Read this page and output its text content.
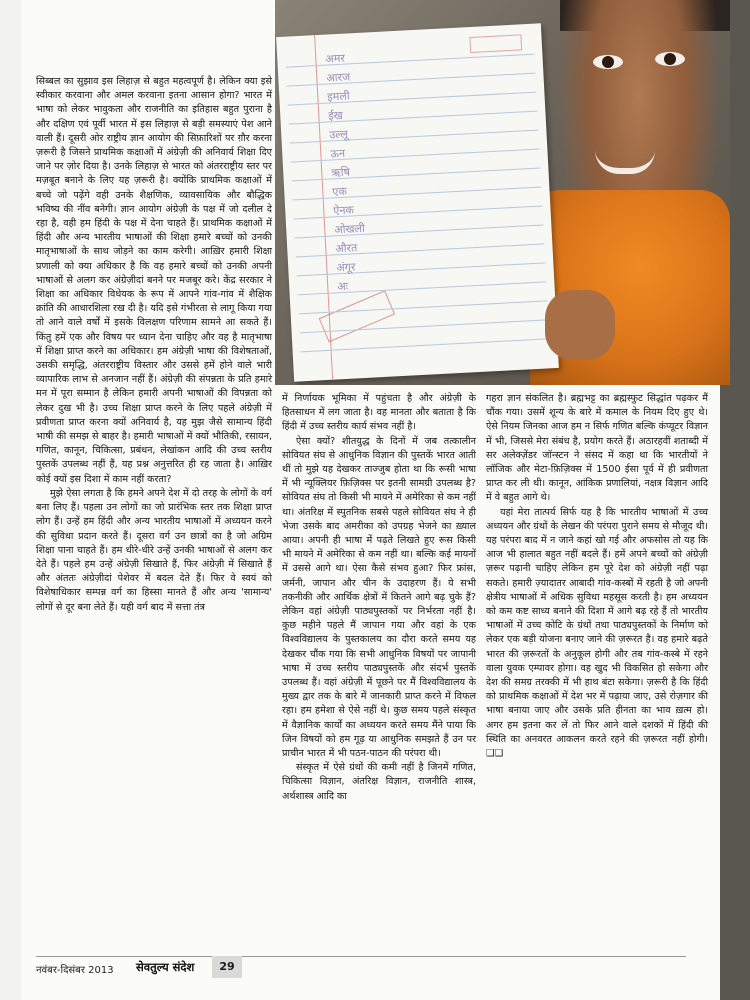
अमर
आरज
इमली
ईख
उल्लू
ऊन
ऋषि
एक
ऐनक
ओखली
औरत
अंगूर
अः

सिब्बल का सुझाव इस लिहाज़ से बहुत महत्वपूर्ण है। लेकिन क्या इसे स्वीकार करवाना और अमल करवाना इतना आसान होगा? भारत में भाषा को लेकर भावुकता और राजनीति का इतिहास बहुत पुराना है और दक्षिण एवं पूर्वी भारत में इस लिहाज़ से बड़ी समस्याएं पेश आने वाली हैं। दूसरी ओर राष्ट्रीय ज्ञान आयोग की सिफ़ारिशों पर ग़ौर करना ज़रूरी है जिसने प्राथमिक कक्षाओं में अंग्रेज़ी की अनिवार्य शिक्षा दिए जाने पर ज़ोर दिया है। उनके लिहाज़ से भारत को अंतरराष्ट्रीय स्तर पर मज़बूत बनाने के लिए यह ज़रूरी है। क्योंकि प्राथमिक कक्षाओं में बच्चे जो पढ़ेंगे वही उनके शैक्षणिक, व्यावसायिक और बौद्धिक भविष्य की नींव बनेगी। ज्ञान आयोग अंग्रेज़ी के पक्ष में जो दलील दे रहा है, वही हम हिंदी के पक्ष में देना चाहते हैं। प्राथमिक कक्षाओं में हिंदी और अन्य भारतीय भाषाओं की शिक्षा हमारे बच्चों को उनकी मातृभाषाओं के साथ जोड़ने का काम करेगी। आख़िर हमारी शिक्षा प्रणाली को क्या अधिकार है कि वह हमारे बच्चों को उनकी अपनी भाषाओं से अलग कर अंग्रेज़ीदां बनने पर मजबूर करे। केंद्र सरकार ने शिक्षा का अधिकार विधेयक के रूप में आपने गांव-गांव में शैक्षिक क्रांति की आधारशिला रख दी है। यदि इसे गंभीरता से लागू किया गया तो आने वाले वर्षों में इसके विलक्षण परिणाम सामने आ सकते हैं। किंतु हमें एक और विषय पर ध्यान देना चाहिए और वह है मातृभाषा में शिक्षा प्राप्त करने का अधिकार। हम अंग्रेज़ी भाषा की विशेषताओं, उसकी समृद्धि, अंतरराष्ट्रीय विस्तार और उससे हमें होने वाले भारी व्यापारिक लाभ से अनजान नहीं हैं। अंग्रेज़ी की संपन्नता के प्रति हमारे मन में पूरा सम्मान है लेकिन हमारी अपनी भाषाओं की विपन्नता को लेकर दुख भी है। उच्च शिक्षा प्राप्त करने के लिए पहले अंग्रेज़ी में प्रवीणता प्राप्त करना क्यों अनिवार्य है, यह मुझ जैसे सामान्य हिंदी भाषी की समझ से बाहर है। हमारी भाषाओं में क्यों भौतिकी, रसायन, गणित, कानून, चिकित्सा, प्रबंधन, लेखांकन आदि की उच्च स्तरीय पुस्तकें उपलब्ध नहीं हैं, यह प्रश्न अनुत्तरित ही रह जाता है। आख़िर कोई क्यों इस दिशा में काम नहीं करता?

मुझे ऐसा लगता है कि हमने अपने देश में दो तरह के लोगों के वर्ग बना लिए हैं। पहला उन लोगों का जो प्रारंभिक स्तर तक शिक्षा प्राप्त लोग हैं। उन्हें हम हिंदी और अन्य भारतीय भाषाओं में अध्ययन करने की सुविधा प्रदान करते हैं। दूसरा वर्ग उन छात्रों का है जो अग्रिम शिक्षा पाना चाहते हैं। हम धीरे-धीरे उन्हें उनकी भाषाओं से अलग कर देते हैं। पहले हम उन्हें अंग्रेज़ी सिखाते हैं, फिर अंग्रेज़ी में सिखाते हैं और अंततः अंग्रेज़ीदां पेशेवर में बदल देते हैं। फिर वे स्वयं को विशेषाधिकार सम्पन्न वर्ग का हिस्सा मानते हैं और अन्य 'सामान्य' लोगों से दूर बना लेते हैं। यही वर्ग बाद में सत्ता तंत्र

में निर्णायक भूमिका में पहुंचता है और अंग्रेज़ी के हितसाधन में लग जाता है। वह मानता और बताता है कि हिंदी में उच्च स्तरीय कार्य संभव नहीं है।

ऐसा क्यों? शीतयुद्ध के दिनों में जब तत्कालीन सोवियत संघ से आधुनिक विज्ञान की पुस्तकें भारत आती थीं तो मुझे यह देखकर ताज्जुब होता था कि रूसी भाषा में भी न्यूक्लियर फ़िज़िक्स पर इतनी सामग्री उपलब्ध है? सोवियत संघ तो किसी भी मायने में अमेरिका से कम नहीं था। अंतरिक्ष में स्पुतनिक सबसे पहले सोवियत संघ ने ही भेजा उसके बाद अमरीका को उपग्रह भेजने का ख़्याल आया। अपनी ही भाषा में पढ़ते लिखते हुए रूस किसी भी मायने में अमेरिका से कम नहीं था। बल्कि कई मायनों में उससे आगे था। ऐसा कैसे संभव हुआ? फिर फ्रांस, जर्मनी, जापान और चीन के उदाहरण हैं। ये सभी तकनीकी और आर्थिक क्षेत्रों में कितने आगे बढ़ चुके हैं? लेकिन वहां अंग्रेज़ी पाठ्यपुस्तकों पर निर्भरता नहीं है। कुछ महीने पहले मैं जापान गया और वहां के एक विश्वविद्यालय के पुस्तकालय का दौरा करते समय यह देखकर चौंक गया कि सभी आधुनिक विषयों पर जापानी भाषा में उच्च स्तरीय पाठ्यपुस्तकें और संदर्भ पुस्तकें उपलब्ध हैं। वहां अंग्रेज़ी में पूछने पर मैं विश्वविद्यालय के मुख्य द्वार तक के बारे में जानकारी प्राप्त करने में विफल रहा। हम हमेशा से ऐसे नहीं थे। कुछ समय पहले संस्कृत में वैज्ञानिक कार्यों का अध्ययन करते समय मैंने पाया कि जिन विषयों को हम गूढ़ या आधुनिक समझते हैं उन पर प्राचीन भारत में भी पठन-पाठन की परंपरा थी।

संस्कृत में ऐसे ग्रंथों की कमी नहीं है जिनमें गणित, चिकित्सा विज्ञान, अंतरिक्ष विज्ञान, राजनीति शास्त्र, अर्थशास्त्र आदि का

गहरा ज्ञान संकलित है। ब्रह्मभट्ट का ब्रह्मस्फुट सिद्धांत पढ़कर मैं चौंक गया। उसमें शून्य के बारे में कमाल के नियम दिए हुए थे। ऐसे नियम जिनका आज हम न सिर्फ गणित बल्कि कंप्यूटर विज्ञान में भी, जिससे मेरा संबंध है, प्रयोग करते हैं। अठारहवीं शताब्दी में सर अलेक्ज़ेंडर जॉन्स्टन ने संसद में कहा था कि भारतीयों ने लॉजिक और मेटा-फ़िज़िक्स में 1500 ईसा पूर्व में ही प्रवीणता प्राप्त कर ली थी। कानून, आंकिक प्रणालियां, नक्षत्र विज्ञान आदि में वे बहुत आगे थे।

यहां मेरा तात्पर्य सिर्फ यह है कि भारतीय भाषाओं में उच्च अध्ययन और ग्रंथों के लेखन की परंपरा पुराने समय से मौजूद थी। यह परंपरा बाद में न जाने कहां खो गई और अफसोस तो यह कि आज भी हालात बहुत नहीं बदले हैं। हमें अपने बच्चों को अंग्रेज़ी ज़रूर पढ़ानी चाहिए लेकिन हम पूरे देश को अंग्रेज़ी नहीं पढ़ा सकते। हमारी ज़्यादातर आबादी गांव-कस्बों में रहती है जो अपनी क्षेत्रीय भाषाओं में अधिक सुविधा महसूस करती है। हम अध्ययन को कम कष्ट साध्य बनाने की दिशा में आगे बढ़ रहे हैं तो भारतीय भाषाओं में उच्च कोटि के ग्रंथों तथा पाठ्यपुस्तकों के निर्माण को लेकर एक बड़ी योजना बनाए जाने की ज़रूरत है। वह हमारे बढ़ते भारत की ज़रूरतों के अनुकूल होगी और तब गांव-कस्बे में रहने वाला युवक एम्पावर होगा। वह खुद भी विकसित हो सकेगा और देश की समग्र तरक्की में भी हाथ बंटा सकेगा। ज़रूरी है कि हिंदी को प्राथमिक कक्षाओं में देश भर में पढ़ाया जाए, उसे रोज़गार की भाषा बनाया जाए और उसके प्रति हीनता का भाव ख़त्म हो। अगर हम इतना कर लें तो फिर आने वाले दशकों में हिंदी की स्थिति का अनवरत आकलन करते रहने की ज़रूरत नहीं होगी। ❑❑

नवंबर-दिसंबर 2013 सेवतुल्य संदेश	29
